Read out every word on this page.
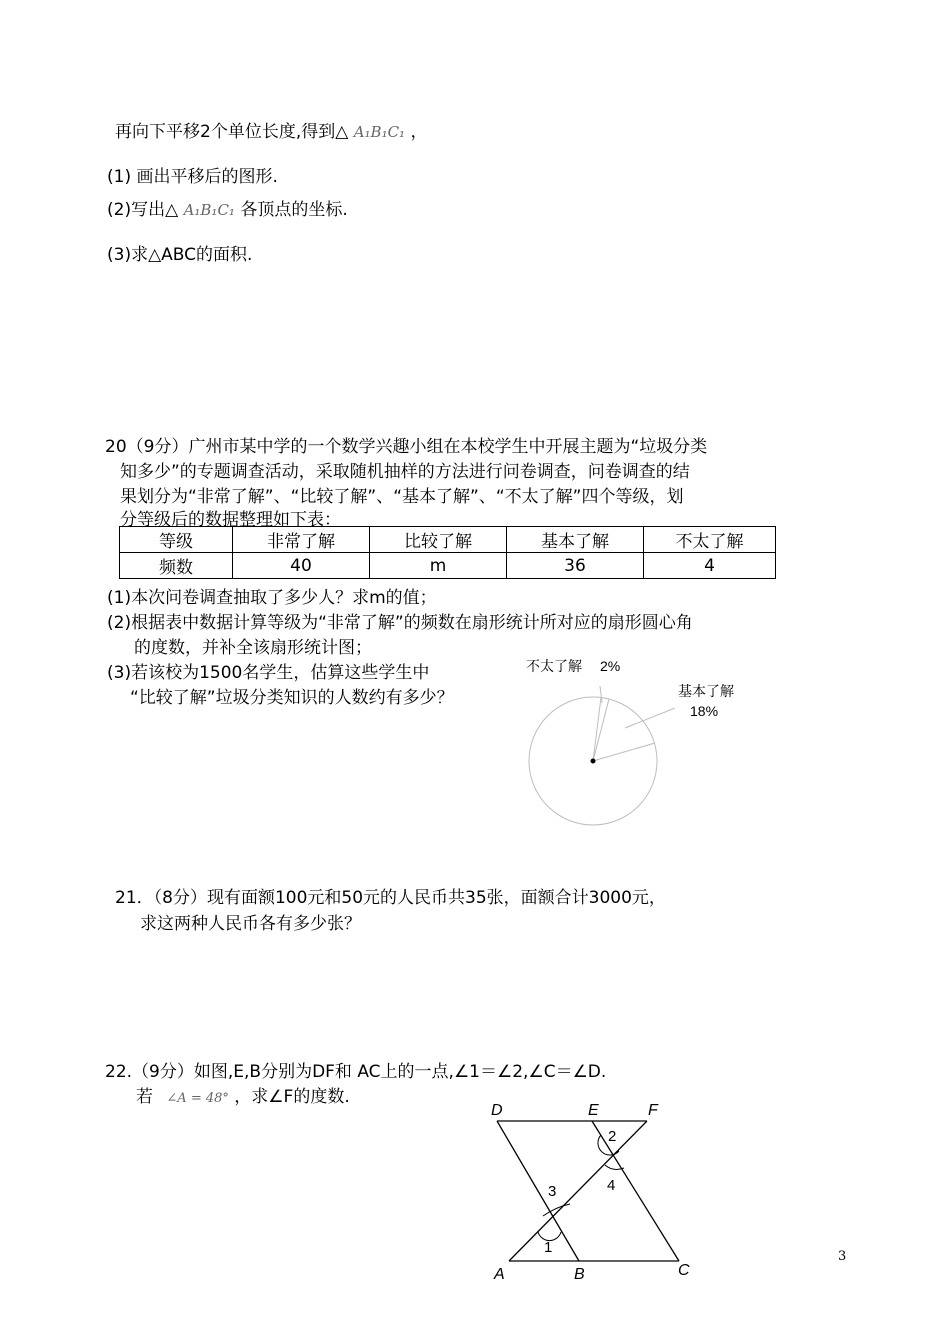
再向下平移2个单位长度,得到△ A₁B₁C₁ ，
(1) 画出平移后的图形.
(2)写出△ A₁B₁C₁ 各顶点的坐标.
(3)求△ABC的面积.
20（9分）广州市某中学的一个数学兴趣小组在本校学生中开展主题为“垃圾分类
知多少”的专题调查活动，采取随机抽样的方法进行问卷调查，问卷调查的结
果划分为“非常了解”、“比较了解”、“基本了解”、“不太了解”四个等级，划
分等级后的数据整理如下表：
等级	非常了解	比较了解	基本了解	不太了解
频数	40	m	36	4
(1)本次问卷调查抽取了多少人？求m的值；
(2)根据表中数据计算等级为“非常了解”的频数在扇形统计所对应的扇形圆心角
的度数，并补全该扇形统计图；
(3)若该校为1500名学生，估算这些学生中
“比较了解”垃圾分类知识的人数约有多少？
不太了解 2%
基本了解
18%
21．（8分）现有面额100元和50元的人民币共35张，面额合计3000元，
求这两种人民币各有多少张？
22.（9分）如图,E,B分别为DF和 AC上的一点,∠1＝∠2,∠C＝∠D.
若 ∠A = 48° ，求∠F的度数.
D	E	F
A	B	C
1
2
3	4
3
